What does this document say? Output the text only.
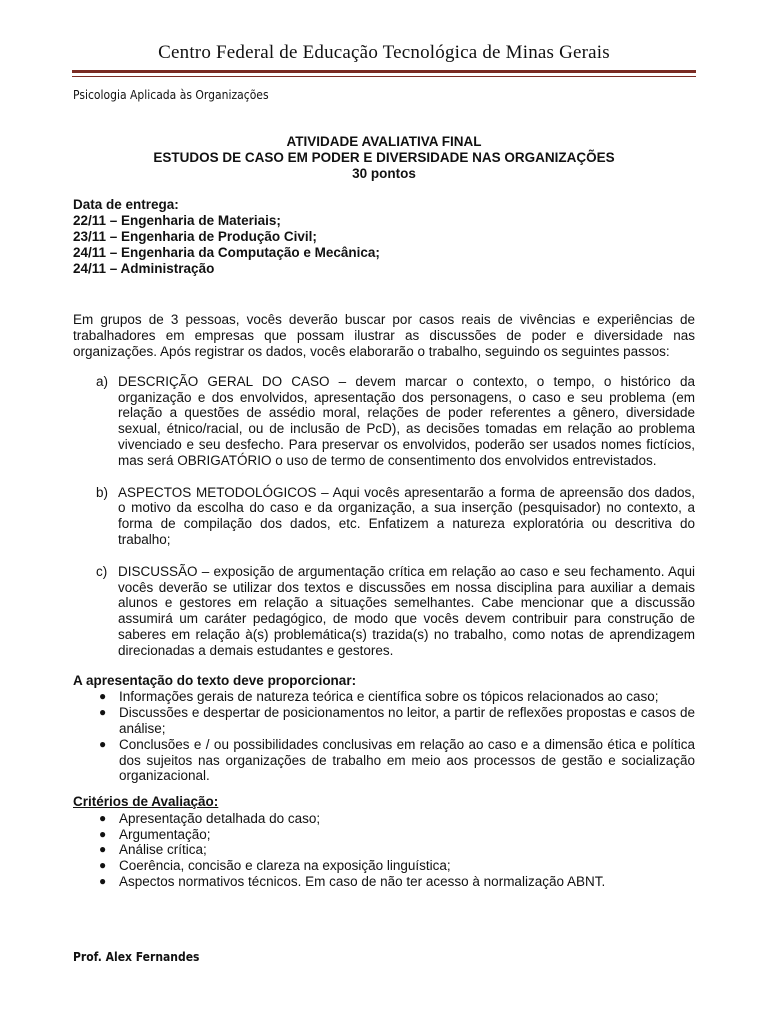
Centro Federal de Educação Tecnológica de Minas Gerais
Psicologia Aplicada às Organizações
ATIVIDADE AVALIATIVA FINAL
ESTUDOS DE CASO EM PODER E DIVERSIDADE NAS ORGANIZAÇÕES
30 pontos
Data de entrega:
22/11 – Engenharia de Materiais;
23/11 – Engenharia de Produção Civil;
24/11 – Engenharia da Computação e Mecânica;
24/11 – Administração
Em grupos de 3 pessoas, vocês deverão buscar por casos reais de vivências e experiências de trabalhadores em empresas que possam ilustrar as discussões de poder e diversidade nas organizações. Após registrar os dados, vocês elaborarão o trabalho, seguindo os seguintes passos:
a) DESCRIÇÃO GERAL DO CASO – devem marcar o contexto, o tempo, o histórico da organização e dos envolvidos, apresentação dos personagens, o caso e seu problema (em relação a questões de assédio moral, relações de poder referentes a gênero, diversidade sexual, étnico/racial, ou de inclusão de PcD), as decisões tomadas em relação ao problema vivenciado e seu desfecho. Para preservar os envolvidos, poderão ser usados nomes fictícios, mas será OBRIGATÓRIO o uso de termo de consentimento dos envolvidos entrevistados.
b) ASPECTOS METODOLÓGICOS – Aqui vocês apresentarão a forma de apreensão dos dados, o motivo da escolha do caso e da organização, a sua inserção (pesquisador) no contexto, a forma de compilação dos dados, etc. Enfatizem a natureza exploratória ou descritiva do trabalho;
c) DISCUSSÃO – exposição de argumentação crítica em relação ao caso e seu fechamento. Aqui vocês deverão se utilizar dos textos e discussões em nossa disciplina para auxiliar a demais alunos e gestores em relação a situações semelhantes. Cabe mencionar que a discussão assumirá um caráter pedagógico, de modo que vocês devem contribuir para construção de saberes em relação à(s) problemática(s) trazida(s) no trabalho, como notas de aprendizagem direcionadas a demais estudantes e gestores.
A apresentação do texto deve proporcionar:
● Informações gerais de natureza teórica e científica sobre os tópicos relacionados ao caso;
● Discussões e despertar de posicionamentos no leitor, a partir de reflexões propostas e casos de análise;
● Conclusões e / ou possibilidades conclusivas em relação ao caso e a dimensão ética e política dos sujeitos nas organizações de trabalho em meio aos processos de gestão e socialização organizacional.
Critérios de Avaliação:
● Apresentação detalhada do caso;
● Argumentação;
● Análise crítica;
● Coerência, concisão e clareza na exposição linguística;
● Aspectos normativos técnicos. Em caso de não ter acesso à normalização ABNT.
Prof. Alex Fernandes
